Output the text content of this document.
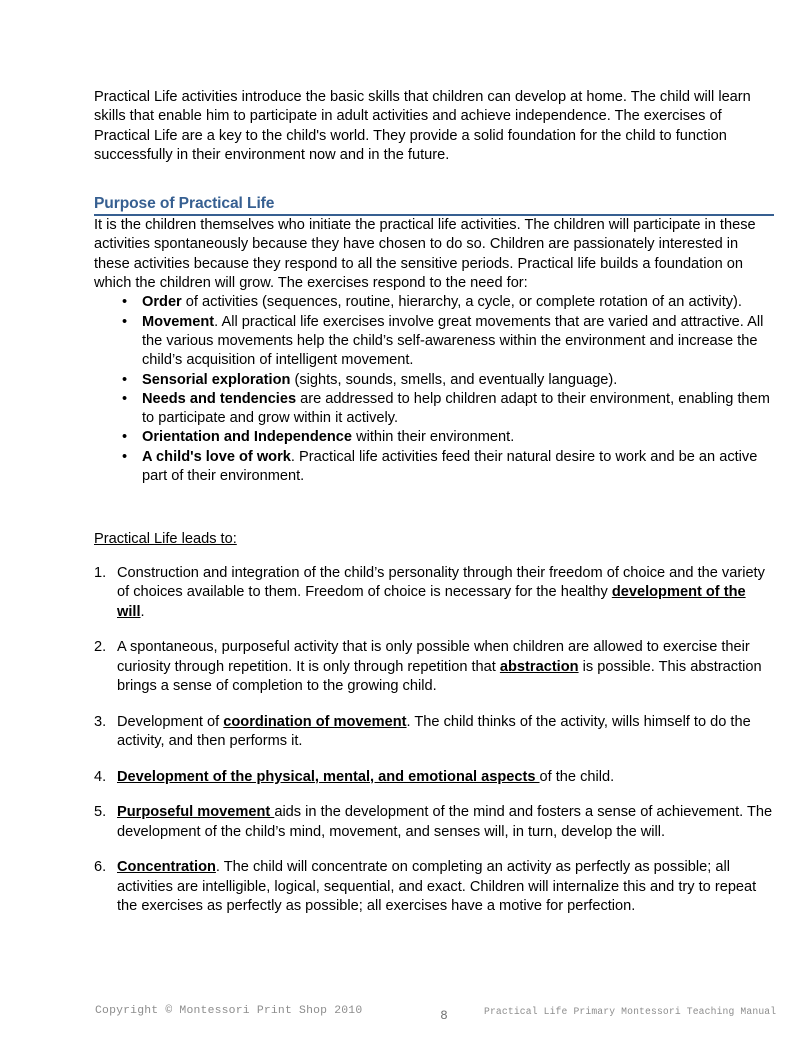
Practical Life activities introduce the basic skills that children can develop at home. The child will learn skills that enable him to participate in adult activities and achieve independence. The exercises of Practical Life are a key to the child's world. They provide a solid foundation for the child to function successfully in their environment now and in the future.

Purpose of Practical Life

It is the children themselves who initiate the practical life activities. The children will participate in these activities spontaneously because they have chosen to do so. Children are passionately interested in these activities because they respond to all the sensitive periods. Practical life builds a foundation on which the children will grow. The exercises respond to the need for:

• Order of activities (sequences, routine, hierarchy, a cycle, or complete rotation of an activity).
• Movement. All practical life exercises involve great movements that are varied and attractive. All the various movements help the child’s self-awareness within the environment and increase the child’s acquisition of intelligent movement.
• Sensorial exploration (sights, sounds, smells, and eventually language).
• Needs and tendencies are addressed to help children adapt to their environment, enabling them to participate and grow within it actively.
• Orientation and Independence within their environment.
• A child's love of work. Practical life activities feed their natural desire to work and be an active part of their environment.
Practical Life leads to:
1. Construction and integration of the child’s personality through their freedom of choice and the variety of choices available to them. Freedom of choice is necessary for the healthy development of the will.
2. A spontaneous, purposeful activity that is only possible when children are allowed to exercise their curiosity through repetition. It is only through repetition that abstraction is possible. This abstraction brings a sense of completion to the growing child.
3. Development of coordination of movement. The child thinks of the activity, wills himself to do the activity, and then performs it.
4. Development of the physical, mental, and emotional aspects of the child.
5. Purposeful movement aids in the development of the mind and fosters a sense of achievement. The development of the child’s mind, movement, and senses will, in turn, develop the will.
6. Concentration. The child will concentrate on completing an activity as perfectly as possible; all activities are intelligible, logical, sequential, and exact. Children will internalize this and try to repeat the exercises as perfectly as possible; all exercises have a motive for perfection.
Copyright © Montessori Print Shop 2010	8	Practical Life Primary Montessori Teaching Manual
